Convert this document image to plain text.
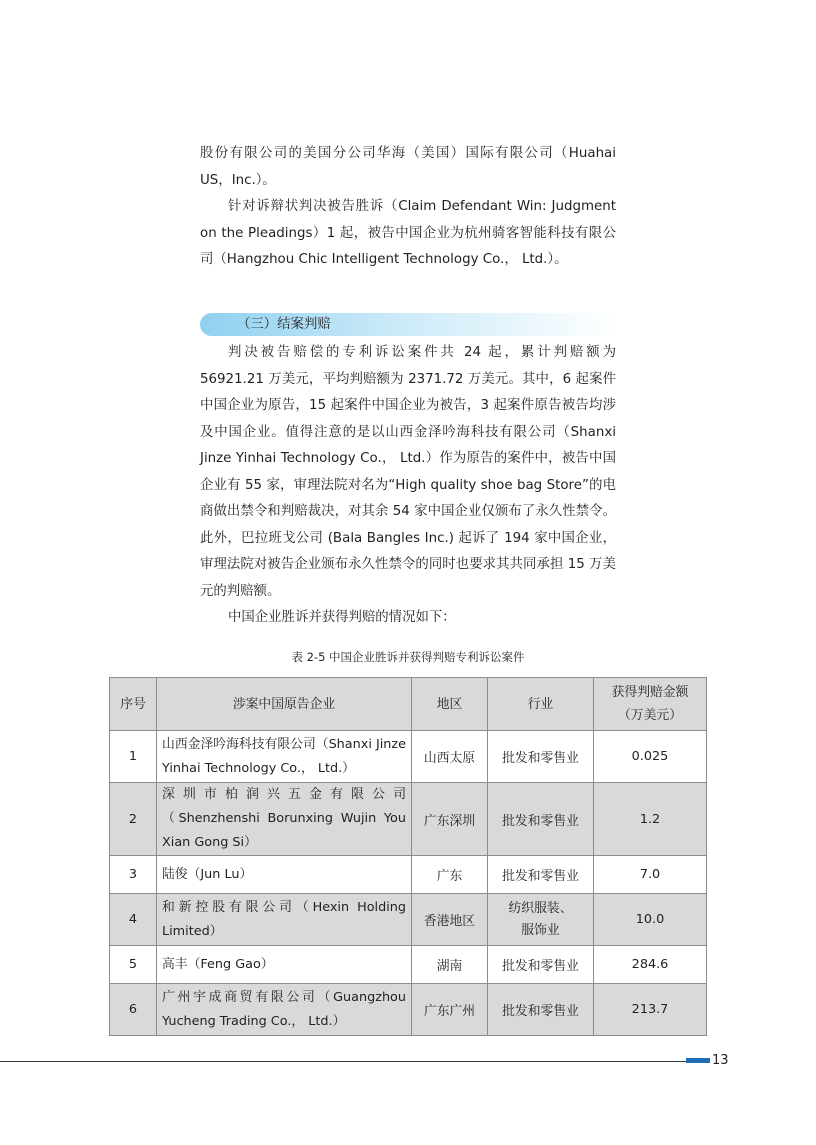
股份有限公司的美国分公司华海（美国）国际有限公司（Huahai US，Inc.）。

针对诉辩状判决被告胜诉（Claim Defendant Win: Judgment on the Pleadings）1 起，被告中国企业为杭州骑客智能科技有限公司（Hangzhou Chic Intelligent Technology Co.， Ltd.）。

（三）结案判赔

判决被告赔偿的专利诉讼案件共 24 起，累计判赔额为 56921.21 万美元，平均判赔额为 2371.72 万美元。其中，6 起案件中国企业为原告，15 起案件中国企业为被告，3 起案件原告被告均涉及中国企业。值得注意的是以山西金泽吟海科技有限公司（Shanxi Jinze Yinhai Technology Co.， Ltd.）作为原告的案件中，被告中国企业有 55 家，审理法院对名为“High quality shoe bag Store”的电商做出禁令和判赔裁决，对其余 54 家中国企业仅颁布了永久性禁令。此外，巴拉班戈公司 (Bala Bangles Inc.) 起诉了 194 家中国企业，审理法院对被告企业颁布永久性禁令的同时也要求其共同承担 15 万美元的判赔额。

中国企业胜诉并获得判赔的情况如下：

表 2-5 中国企业胜诉并获得判赔专利诉讼案件
序号	涉案中国原告企业	地区	行业	获得判赔金额
（万美元）

1	山西金泽吟海科技有限公司（Shanxi Jinze Yinhai Technology Co.， Ltd.）	山西太原	批发和零售业	0.025
2	深圳市柏润兴五金有限公司（Shenzhenshi Borunxing Wujin You Xian Gong Si）	广东深圳	批发和零售业	1.2
3	陆俊（Jun Lu）	广东	批发和零售业	7.0
4	和新控股有限公司（Hexin Holding Limited）	香港地区	纺织服装、
服饰业	10.0
5	高丰（Feng Gao）	湖南	批发和零售业	284.6
6	广州宇成商贸有限公司（Guangzhou Yucheng Trading Co.， Ltd.）	广东广州	批发和零售业	213.7
13
